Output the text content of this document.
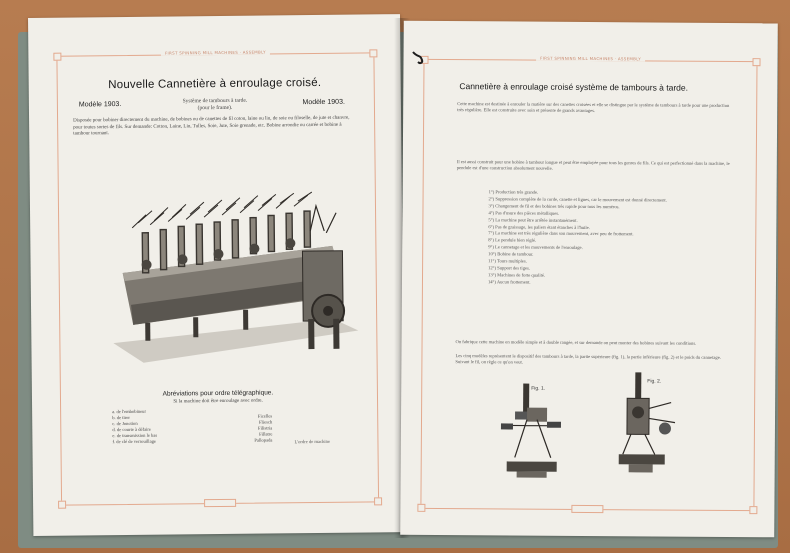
FIRST SPINNING MILL MACHINES · ASSEMBLY
Nouvelle Cannetière à enroulage croisé.
Modèle 1903.	Modèle 1903.
Système de tambours à tarde.
(pour le frame).
Disposée pour bobiner directement du machine, de bobines ou de canettes de fil coton, laine ou lin, de soie ou filoselle, de jute et chanvre, pour toutes sortes de fils. Sur demande: Cotton, Laine, Lin, Tulles, Soie, Jute, Soie grenade, etc. Bobine arrondie ou carrée et bobine à tambour tournant.
Abréviations pour ordre télégraphique.
Si la machine doit être enroulage avec ordre.
a. de l'embobineur
b. de tirer	Ficelles
c. de Jonction	Fliesch
d. de courte à défaire	Filistria
e. de transmission le bas	Fillatre
f. de clé de verrouillage	Pallopada	L'ordre de machine
FIRST SPINNING MILL MACHINES · ASSEMBLY
Cannetière à enroulage croisé système de tambours à tarde.
Cette machine est destinée à enrouler la matière sur des canettes croisées et elle se distingue par le système de tambours à tarde pour une production très régulière. Elle est construite avec soin et présente de grands avantages.
Il est aussi construit pour une bobine à tambour longue et peut être employée pour tous les genres de fils. Ce qui est perfectionné dans la machine, le pendule est d'une construction absolument nouvelle.
1°) Production très grande.
2°) Suppression complète de la corde, canette et lignes, car le mouvement est donné directement.
3°) Changement de fil et des bobines très rapide pour tous les numéros.
4°) Pas d'usure des pièces métalliques.
5°) La machine peut être arrêtée instantanément.
6°) Pas de graissage, les paliers étant étanches à l'huile.
7°) La machine est très régulière dans son mouvement, avec peu de frottement.
8°) Le pendule bien réglé.
9°) Le cannetage et les mouvements de l'enroulage.
10°) Bobine de tambour.
11°) Tours multiples.
12°) Support des tiges.
13°) Machines de forte qualité.
14°) Aucun frottement.
On fabrique cette machine en modèle simple et à double rangée, et sur demande on peut monter des bobines suivant les conditions.
Les cinq modèles représentent le dispositif des tambours à tarde, la partie supérieure (fig. 1), la partie inférieure (fig. 2) et le poids du cannetage. Suivant le fil, on règle ce qu'on veut.
Fig. 1.
Fig. 2.
